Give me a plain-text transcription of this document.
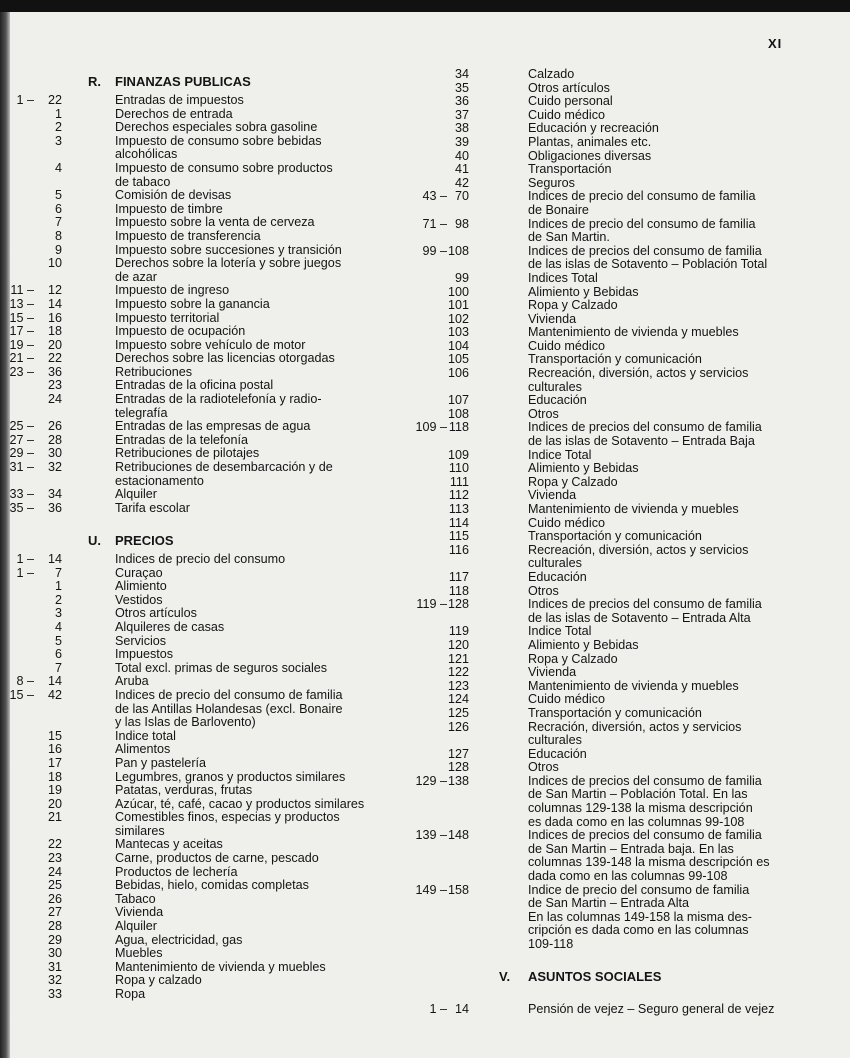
XI
R. FINANZAS PUBLICAS
1 –	22	Entradas de impuestos
1	Derechos de entrada
2	Derechos especiales sobra gasoline
3	Impuesto de consumo sobre bebidas
alcohólicas
4	Impuesto de consumo sobre productos
de tabaco
5	Comisión de devisas
6	Impuesto de timbre
7	Impuesto sobre la venta de cerveza
8	Impuesto de transferencia
9	Impuesto sobre succesiones y transición
10	Derechos sobre la lotería y sobre juegos
de azar
11 –	12	Impuesto de ingreso
13 –	14	Impuesto sobre la ganancia
15 –	16	Impuesto territorial
17 –	18	Impuesto de ocupación
19 –	20	Impuesto sobre vehículo de motor
21 –	22	Derechos sobre las licencias otorgadas
23 –	36	Retribuciones
23	Entradas de la oficina postal
24	Entradas de la radiotelefonía y radio-
telegrafía
25 –	26	Entradas de las empresas de agua
27 –	28	Entradas de la telefonía
29 –	30	Retribuciones de pilotajes
31 –	32	Retribuciones de desembarcación y de
estacionamento
33 –	34	Alquiler
35 –	36	Tarifa escolar
U. PRECIOS
1 –	14	Indices de precio del consumo
1 –	7	Curaçao
1	Alimiento
2	Vestidos
3	Otros artículos
4	Alquileres de casas
5	Servicios
6	Impuestos
7	Total excl. primas de seguros sociales
8 –	14	Aruba
15 –	42	Indices de precio del consumo de familia
de las Antillas Holandesas (excl. Bonaire
y las Islas de Barlovento)
15	Indice total
16	Alimentos
17	Pan y pastelería
18	Legumbres, granos y productos similares
19	Patatas, verduras, frutas
20	Azúcar, té, café, cacao y productos similares
21	Comestibles finos, especias y productos
similares
22	Mantecas y aceitas
23	Carne, productos de carne, pescado
24	Productos de lechería
25	Bebidas, hielo, comidas completas
26	Tabaco
27	Vivienda
28	Alquiler
29	Agua, electricidad, gas
30	Muebles
31	Mantenimiento de vivienda y muebles
32	Ropa y calzado
33	Ropa
34	Calzado
35	Otros artículos
36	Cuido personal
37	Cuido médico
38	Educación y recreación
39	Plantas, animales etc.
40	Obligaciones diversas
41	Transportación
42	Seguros
43 – 70	Indices de precio del consumo de familia
de Bonaire
71 – 98	Indices de precio del consumo de familia
de San Martin.
99 – 108	Indices de precios del consumo de familia
de las islas de Sotavento – Población Total
99	Indices Total
100	Alimiento y Bebidas
101	Ropa y Calzado
102	Vivienda
103	Mantenimiento de vivienda y muebles
104	Cuido médico
105	Transportación y comunicación
106	Recreación, diversión, actos y servicios
culturales
107	Educación
108	Otros
109 – 118	Indices de precios del consumo de familia
de las islas de Sotavento – Entrada Baja
109	Indice Total
110	Alimiento y Bebidas
111	Ropa y Calzado
112	Vivienda
113	Mantenimiento de vivienda y muebles
114	Cuido médico
115	Transportación y comunicación
116	Recreación, diversión, actos y servicios
culturales
117	Educación
118	Otros
119 – 128	Indices de precios del consumo de familia
de las islas de Sotavento – Entrada Alta
119	Indice Total
120	Alimiento y Bebidas
121	Ropa y Calzado
122	Vivienda
123	Mantenimiento de vivienda y muebles
124	Cuido médico
125	Transportación y comunicación
126	Recración, diversión, actos y servicios
culturales
127	Educación
128	Otros
129 – 138	Indices de precios del consumo de familia
de San Martin – Población Total. En las
columnas 129-138 la misma descripción
es dada como en las columnas 99-108
139 – 148	Indices de precios del consumo de familia
de San Martin – Entrada baja. En las
columnas 139-148 la misma descripción es
dada como en las columnas 99-108
149 – 158	Indice de precio del consumo de familia
de San Martin – Entrada Alta
En las columnas 149-158 la misma des-
cripción es dada como en las columnas
109-118
V. ASUNTOS SOCIALES
1 – 14	Pensión de vejez – Seguro general de vejez
